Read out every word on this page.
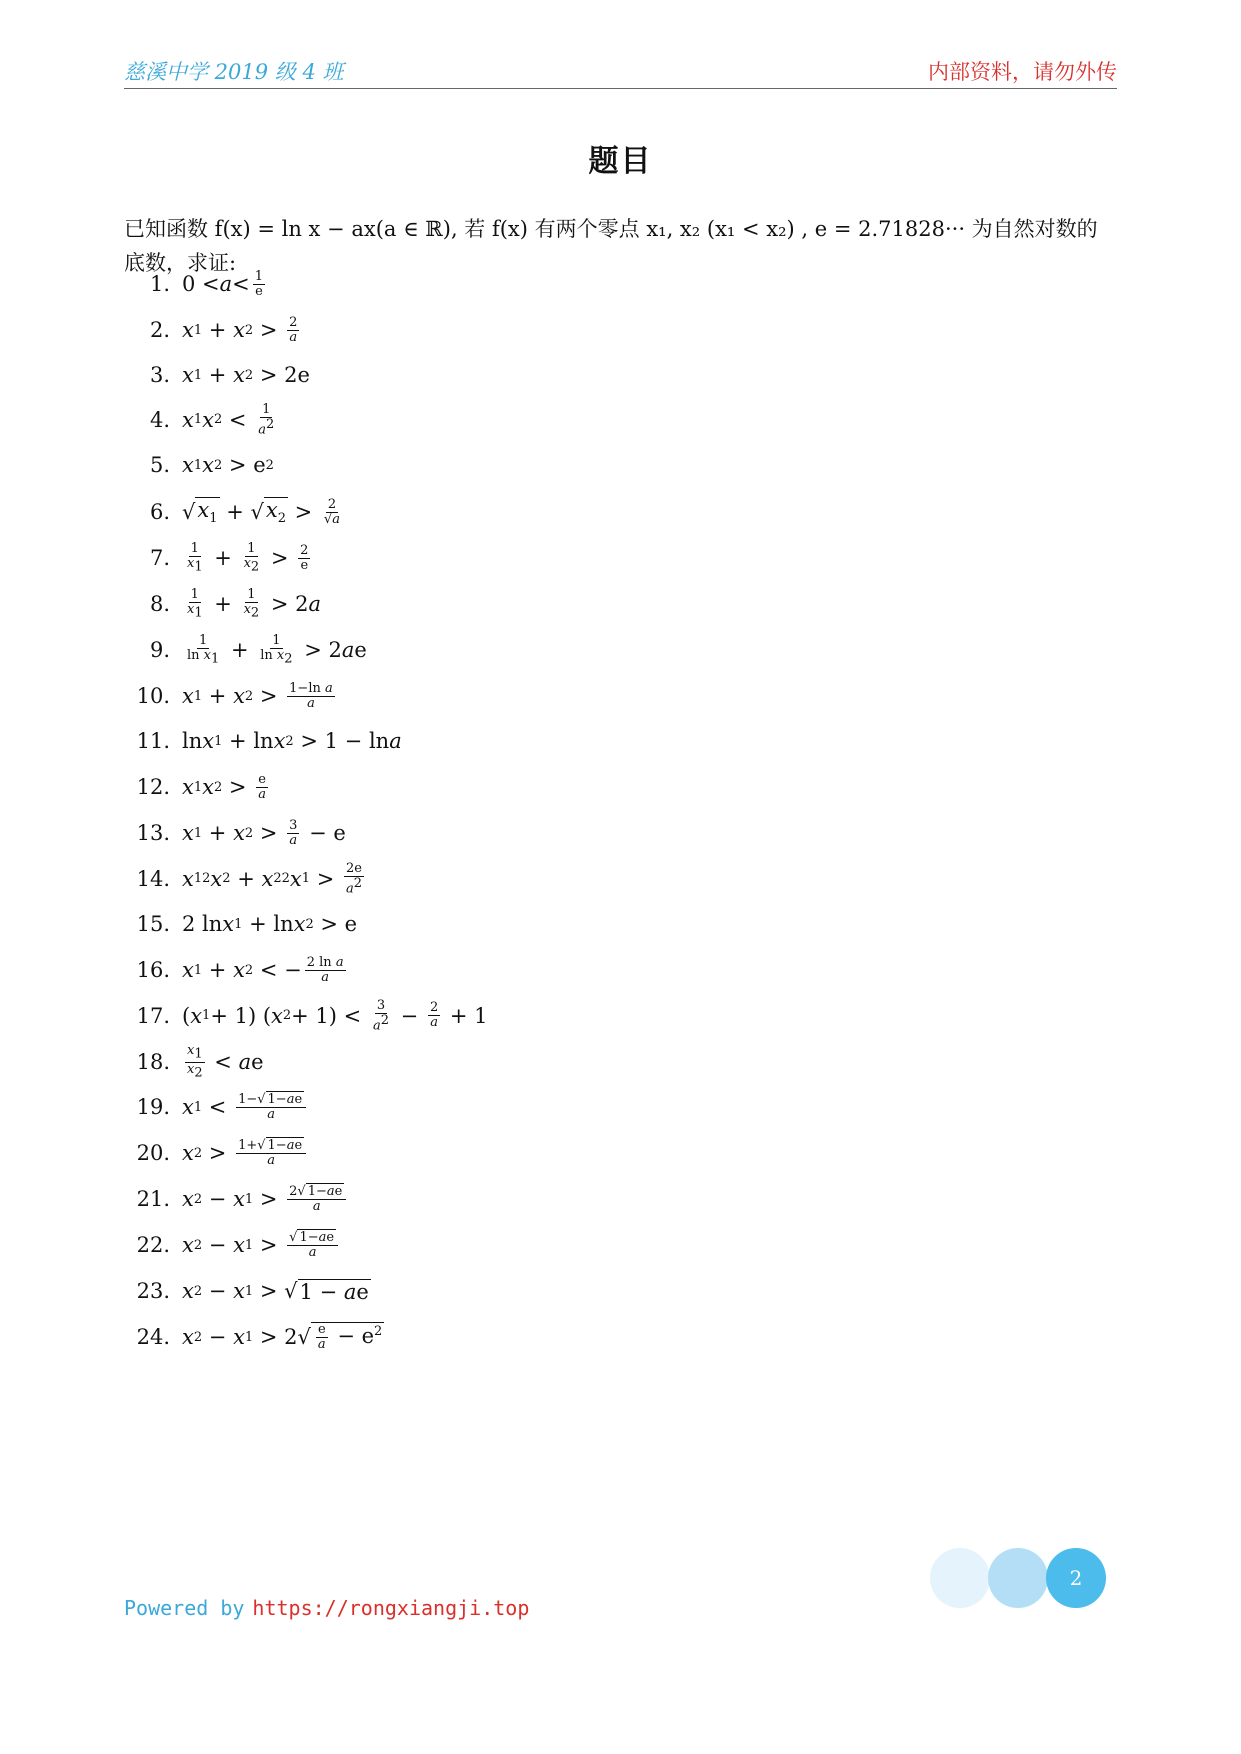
慈溪中学 2019 级 4 班	内部资料，请勿外传
题目
已知函数 f(x) = ln x − ax(a ∈ ℝ), 若 f(x) 有两个零点 x₁, x₂ (x₁ < x₂) , e = 2.71828··· 为自然对数的底数，求证:
1. $0 < a < \frac{1}{e}$
2. x 1 + x $2 > \frac{2}{a}$
3. x 1 + x 2 > 2e
4. x 1 x $2 < \frac{1}{a^2}$
5. x 1 x 2 > e 2
6. √ $x_1$ + √ $x_2 > \frac{2}{√a}$
7. $\frac{1}{x_1} + \frac{1}{x_2} > \frac{2}{e}$
8. $\frac{1}{x_1} + \frac{1}{x_2} > 2$ a
9. $\frac{1}{\ln x_1} + \frac{1}{\ln x_2} > 2$ a e
10. x 1 + x $2 > \frac{\text{1−ln a}}{a}$
11. ln x 1 + ln x 2 > 1 − ln a
12. x 1 x $2 > \frac{e}{a}$
13. x 1 + x $2 > \frac{3}{a} - e$
14. x 1 2 x 2 + x 2 2 x $1 > \frac{2e}{a^2}$
15. 2 ln x 1 + ln x 2 > e
16. x 1 + x 2 < − $\frac{\text{2 ln a}}{a}$
17. ( x 1 + 1) ( x $2 + 1) < \frac{3}{a^2} - \frac{2}{a} + 1$
18. $\frac{x_1}{x_2} < a$ e
19. x $1 < \frac{1-√ 1-ae}{a}$
20. x $2 > \frac{1+√ 1-ae}{a}$
21. x 2 − x $1 > \frac{2√ 1-ae}{a}$
22. x 2 − x $1 > \frac{√ 1-ae}{a}$
23. x 2 − x 1 > √ 1 − ae
24. x 2 − x $1 > 2√ \frac{e}{a} - e^2$
Powered by https://rongxiangji.top
2
